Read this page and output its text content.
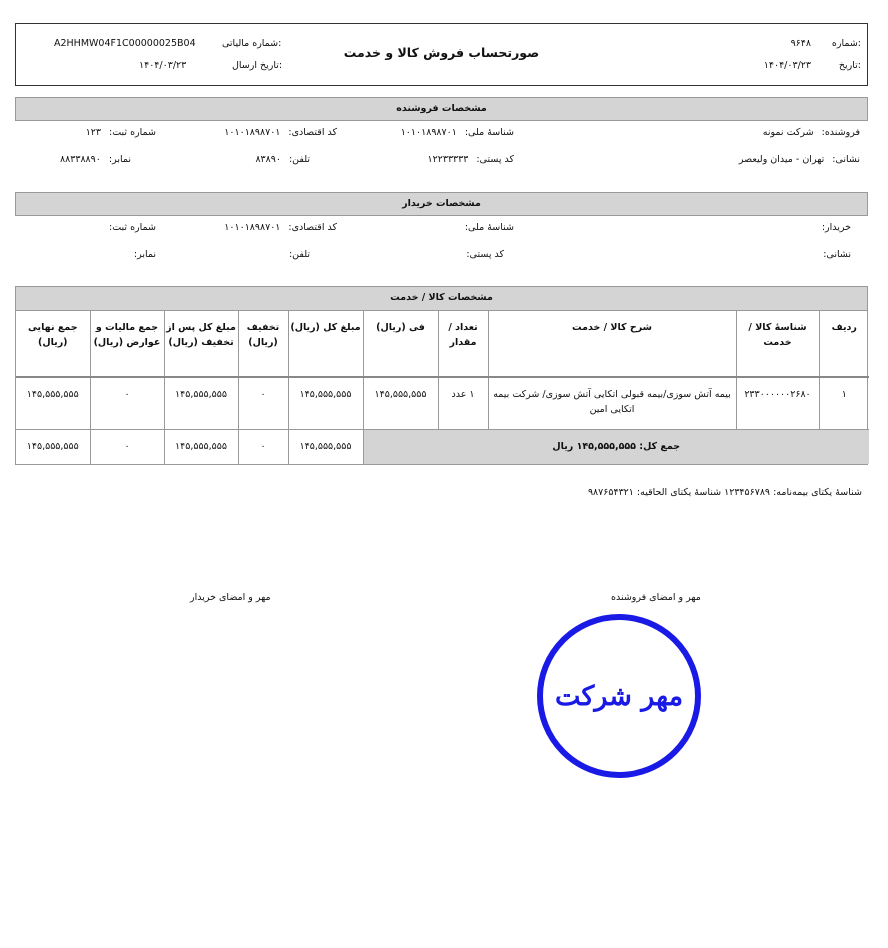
شماره:
۹۶۴۸
تاریخ:
۱۴۰۴/۰۳/۲۳
صورتحساب فروش کالا و خدمت
شماره مالیاتی:
A2HHMW04F1C00000025B04
تاریخ ارسال:
۱۴۰۴/۰۳/۲۳
مشخصات فروشنده
فروشنده:شرکت نمونه
شناسهٔ ملی:۱۰۱۰۱۸۹۸۷۰۱
کد اقتصادی:۱۰۱۰۱۸۹۸۷۰۱
شماره ثبت:۱۲۳
نشانی:تهران - میدان ولیعصر
کد پستی:۱۲۲۳۳۳۳۳
تلفن:۸۳۸۹۰
نمابر:۸۸۳۳۸۸۹۰
مشخصات خریدار
خریدار:
شناسهٔ ملی:
کد اقتصادی:۱۰۱۰۱۸۹۸۷۰۱
شماره ثبت:
نشانی:
کد پستی:
تلفن:
نمابر:
مشخصات کالا / خدمت
ردیف	شناسهٔ کالا / خدمت	شرح کالا / خدمت	تعداد / مقدار	فی (ریال)	مبلغ کل (ریال)	تخفیف (ریال)	مبلغ کل پس از تخفیف (ریال)	جمع مالیات و عوارض (ریال)	جمع نهایی (ریال)
۱	۲۳۳۰۰۰۰۰۰۲۶۸۰	بیمه آتش سوزی/بیمه قبولی اتکایی آتش سوزی/ شرکت بیمه اتکایی امین	۱ عدد	۱۴۵,۵۵۵,۵۵۵	۱۴۵,۵۵۵,۵۵۵	۰	۱۴۵,۵۵۵,۵۵۵	۰	۱۴۵,۵۵۵,۵۵۵
جمع کل: ۱۴۵,۵۵۵,۵۵۵ ریال					۱۴۵,۵۵۵,۵۵۵	۰	۱۴۵,۵۵۵,۵۵۵	۰	۱۴۵,۵۵۵,۵۵۵
شناسهٔ یکتای بیمه‌نامه: ۱۲۳۴۵۶۷۸۹ شناسهٔ یکتای الحاقیه: ۹۸۷۶۵۴۳۲۱
مهر و امضای فروشنده
مهر و امضای خریدار
مهر شرکت
